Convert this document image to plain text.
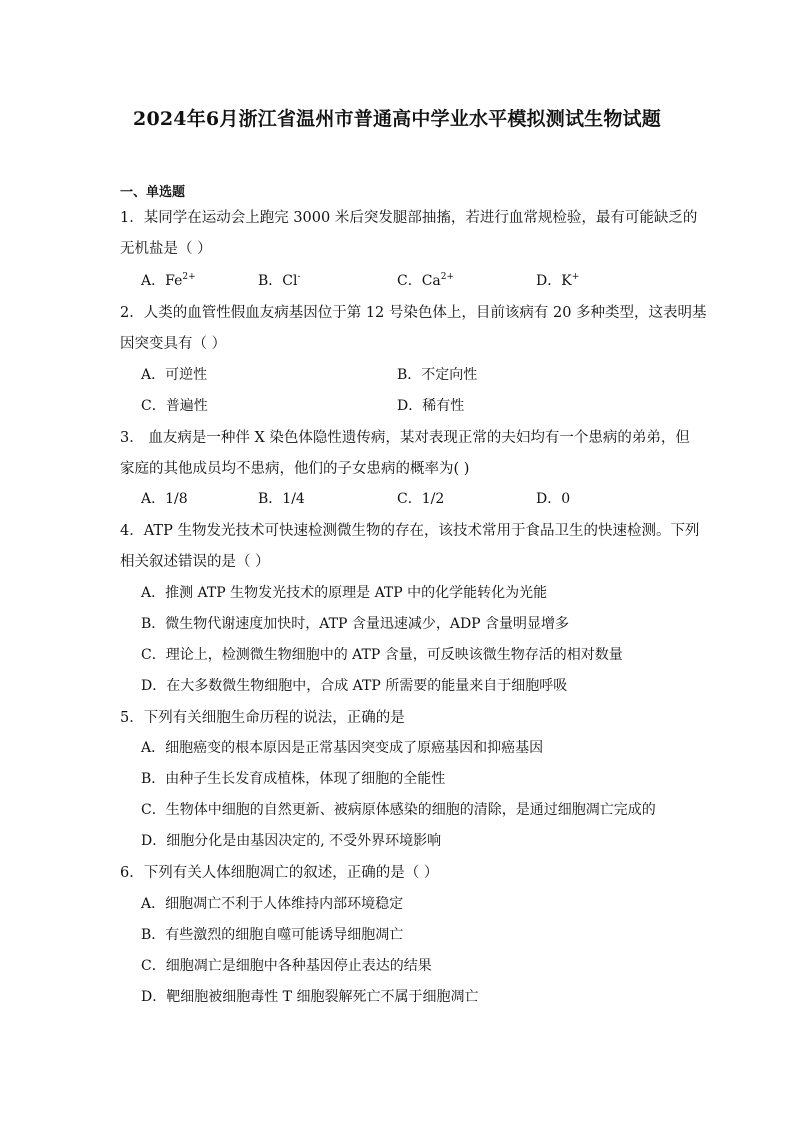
2024年6月浙江省温州市普通高中学业水平模拟测试生物试题
一、单选题
1．某同学在运动会上跑完 3000 米后突发腿部抽搐，若进行血常规检验，最有可能缺乏的
无机盐是（ ）
A．$Fe^{2+}$	B．Cl-	C．$Ca^{2+}$	D．K+
2．人类的血管性假血友病基因位于第 12 号染色体上，目前该病有 20 多种类型，这表明基
因突变具有（ ）
A．可逆性	B．不定向性
C．普遍性	D．稀有性
3． 血友病是一种伴 X 染色体隐性遗传病，某对表现正常的夫妇均有一个患病的弟弟，但
家庭的其他成员均不患病，他们的子女患病的概率为( )
A．1/8	B．1/4	C．1/2	D．0
4．ATP 生物发光技术可快速检测微生物的存在，该技术常用于食品卫生的快速检测。下列
相关叙述错误的是（ ）
A．推测 ATP 生物发光技术的原理是 ATP 中的化学能转化为光能
B．微生物代谢速度加快时，ATP 含量迅速减少，ADP 含量明显增多
C．理论上，检测微生物细胞中的 ATP 含量，可反映该微生物存活的相对数量
D．在大多数微生物细胞中，合成 ATP 所需要的能量来自于细胞呼吸
5．下列有关细胞生命历程的说法，正确的是
A．细胞癌变的根本原因是正常基因突变成了原癌基因和抑癌基因
B．由种子生长发育成植株，体现了细胞的全能性
C．生物体中细胞的自然更新、被病原体感染的细胞的清除，是通过细胞凋亡完成的
D．细胞分化是由基因决定的, 不受外界环境影响
6．下列有关人体细胞凋亡的叙述，正确的是（ ）
A．细胞凋亡不利于人体维持内部环境稳定
B．有些激烈的细胞自噬可能诱导细胞凋亡
C．细胞凋亡是细胞中各种基因停止表达的结果
D．靶细胞被细胞毒性 T 细胞裂解死亡不属于细胞凋亡
